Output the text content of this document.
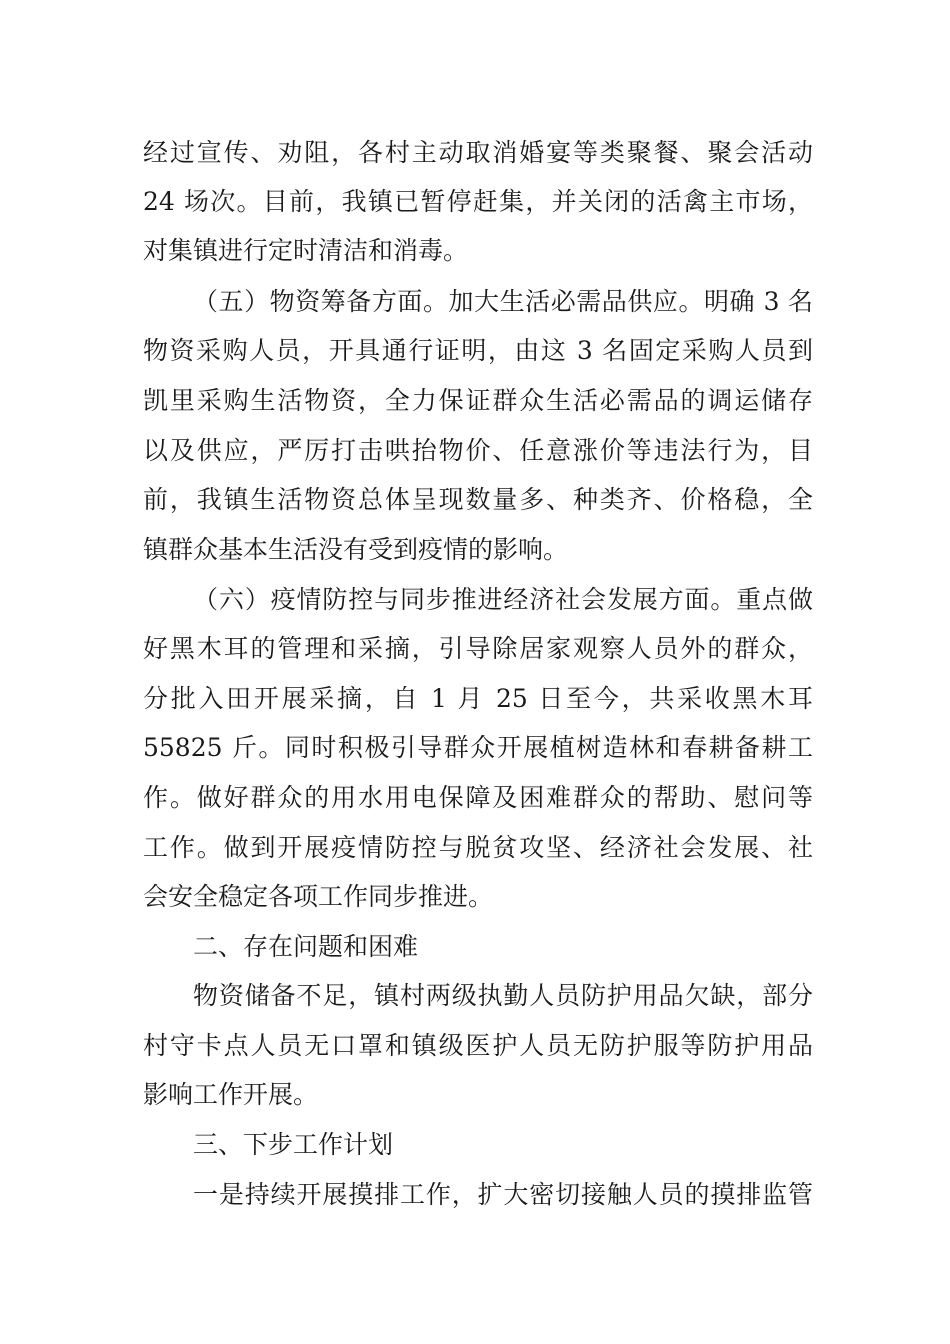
经过宣传、劝阻，各村主动取消婚宴等类聚餐、聚会活动
24 场次。目前，我镇已暂停赶集，并关闭的活禽主市场，
对集镇进行定时清洁和消毒。
（五）物资筹备方面。加大生活必需品供应。明确 3 名
物资采购人员，开具通行证明，由这 3 名固定采购人员到
凯里采购生活物资，全力保证群众生活必需品的调运储存
以及供应，严厉打击哄抬物价、任意涨价等违法行为，目
前，我镇生活物资总体呈现数量多、种类齐、价格稳，全
镇群众基本生活没有受到疫情的影响。
（六）疫情防控与同步推进经济社会发展方面。重点做
好黑木耳的管理和采摘，引导除居家观察人员外的群众，
分批入田开展采摘，自 1 月 25 日至今，共采收黑木耳
55825 斤。同时积极引导群众开展植树造林和春耕备耕工
作。做好群众的用水用电保障及困难群众的帮助、慰问等
工作。做到开展疫情防控与脱贫攻坚、经济社会发展、社
会安全稳定各项工作同步推进。
二、存在问题和困难
物资储备不足，镇村两级执勤人员防护用品欠缺，部分
村守卡点人员无口罩和镇级医护人员无防护服等防护用品
影响工作开展。
三、下步工作计划
一是持续开展摸排工作，扩大密切接触人员的摸排监管
